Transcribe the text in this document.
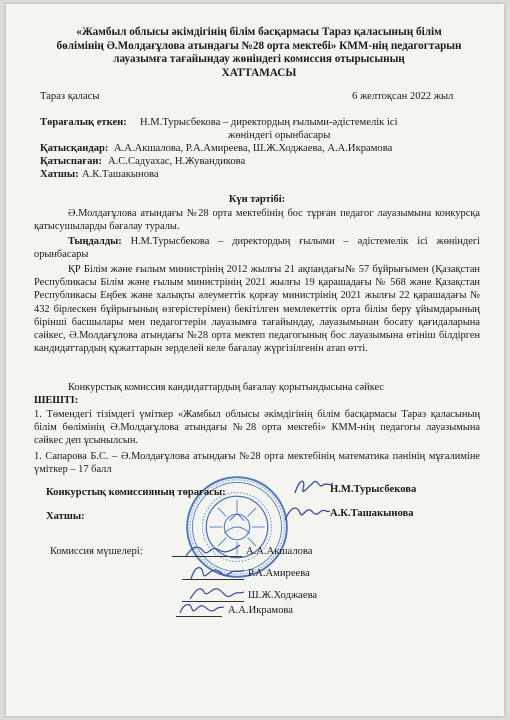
«Жамбыл облысы әкімдігінің білім басқармасы Тараз қаласының білім
бөлімінің Ә.Молдағұлова атындағы №28 орта мектебі» КММ-нің педагогтарын
лауазымға тағайындау жөніндегі комиссия отырысының
ХАТТАМАСЫ
Тараз қаласы	6 желтоқсан 2022 жыл
Төрағалық еткен: Н.М.Турысбекова – директордың ғылыми-әдістемелік ісі
жөніндегі орынбасары
Қатысқандар: А.А.Акшалова, Р.А.Амиреева, Ш.Ж.Ходжаева, А.А.Икрамова
Қатыспаған: А.С.Садуахас, Н.Жувандикова
Хатшы: А.К.Ташакынова
Күн тәртібі:
Ә.Молдағұлова атындағы №28 орта мектебінің бос тұрған педагог лауазымына конкурсқа қатысушыларды бағалау туралы.
Тыңдалды: Н.М.Турысбекова – директордың ғылыми – әдістемелік ісі жөніндегі орынбасары
ҚР Білім және ғылым министрінің 2012 жылғы 21 ақпандағы№ 57 бұйрығымен (Қазақстан Республикасы Білім және ғылым министрінің 2021 жылғы 19 қарашадағы № 568 және Қазақстан Республикасы Еңбек және халықты әлеуметтік қорғау министрінің 2021 жылғы 22 қарашадағы № 432 бірлескен бұйрығының өзгерістерімен) бекітілген мемлекеттік орта білім беру ұйымдарының бірінші басшылары мен педагогтерін лауазымға тағайындау, лауазымынан босату қағидаларына сәйкес, Ә.Молдағұлова атындағы №28 орта мектеп педагогының бос лауазымына өтініш білдірген кандидаттардың құжаттарын зерделей келе бағалау жүргізілгенін атап өтті.
Конкурстық комиссия кандидаттардың бағалау қорытындысына сәйкес
ШЕШТІ:
1. Төмендегі тізімдегі үміткер «Жамбыл облысы әкімдігінің білім басқармасы Тараз қаласының білім бөлімінің Ә.Молдағұлова атындағы №28 орта мектебі» КММ-нің педагогы лауазымына сәйкес деп ұсынылсын.
1. Сапарова Б.С. – Ә.Молдағұлова атындағы №28 орта мектебінің математика пәнінің мұғалиміне үміткер – 17 балл
Конкурстық комиссияның төрағасы:	Н.М.Турысбекова
Хатшы:	А.К.Ташакынова
Комиссия мүшелері:	А.А.Акшалова
Р.А.Амиреева
Ш.Ж.Ходжаева
А.А.Икрамова
